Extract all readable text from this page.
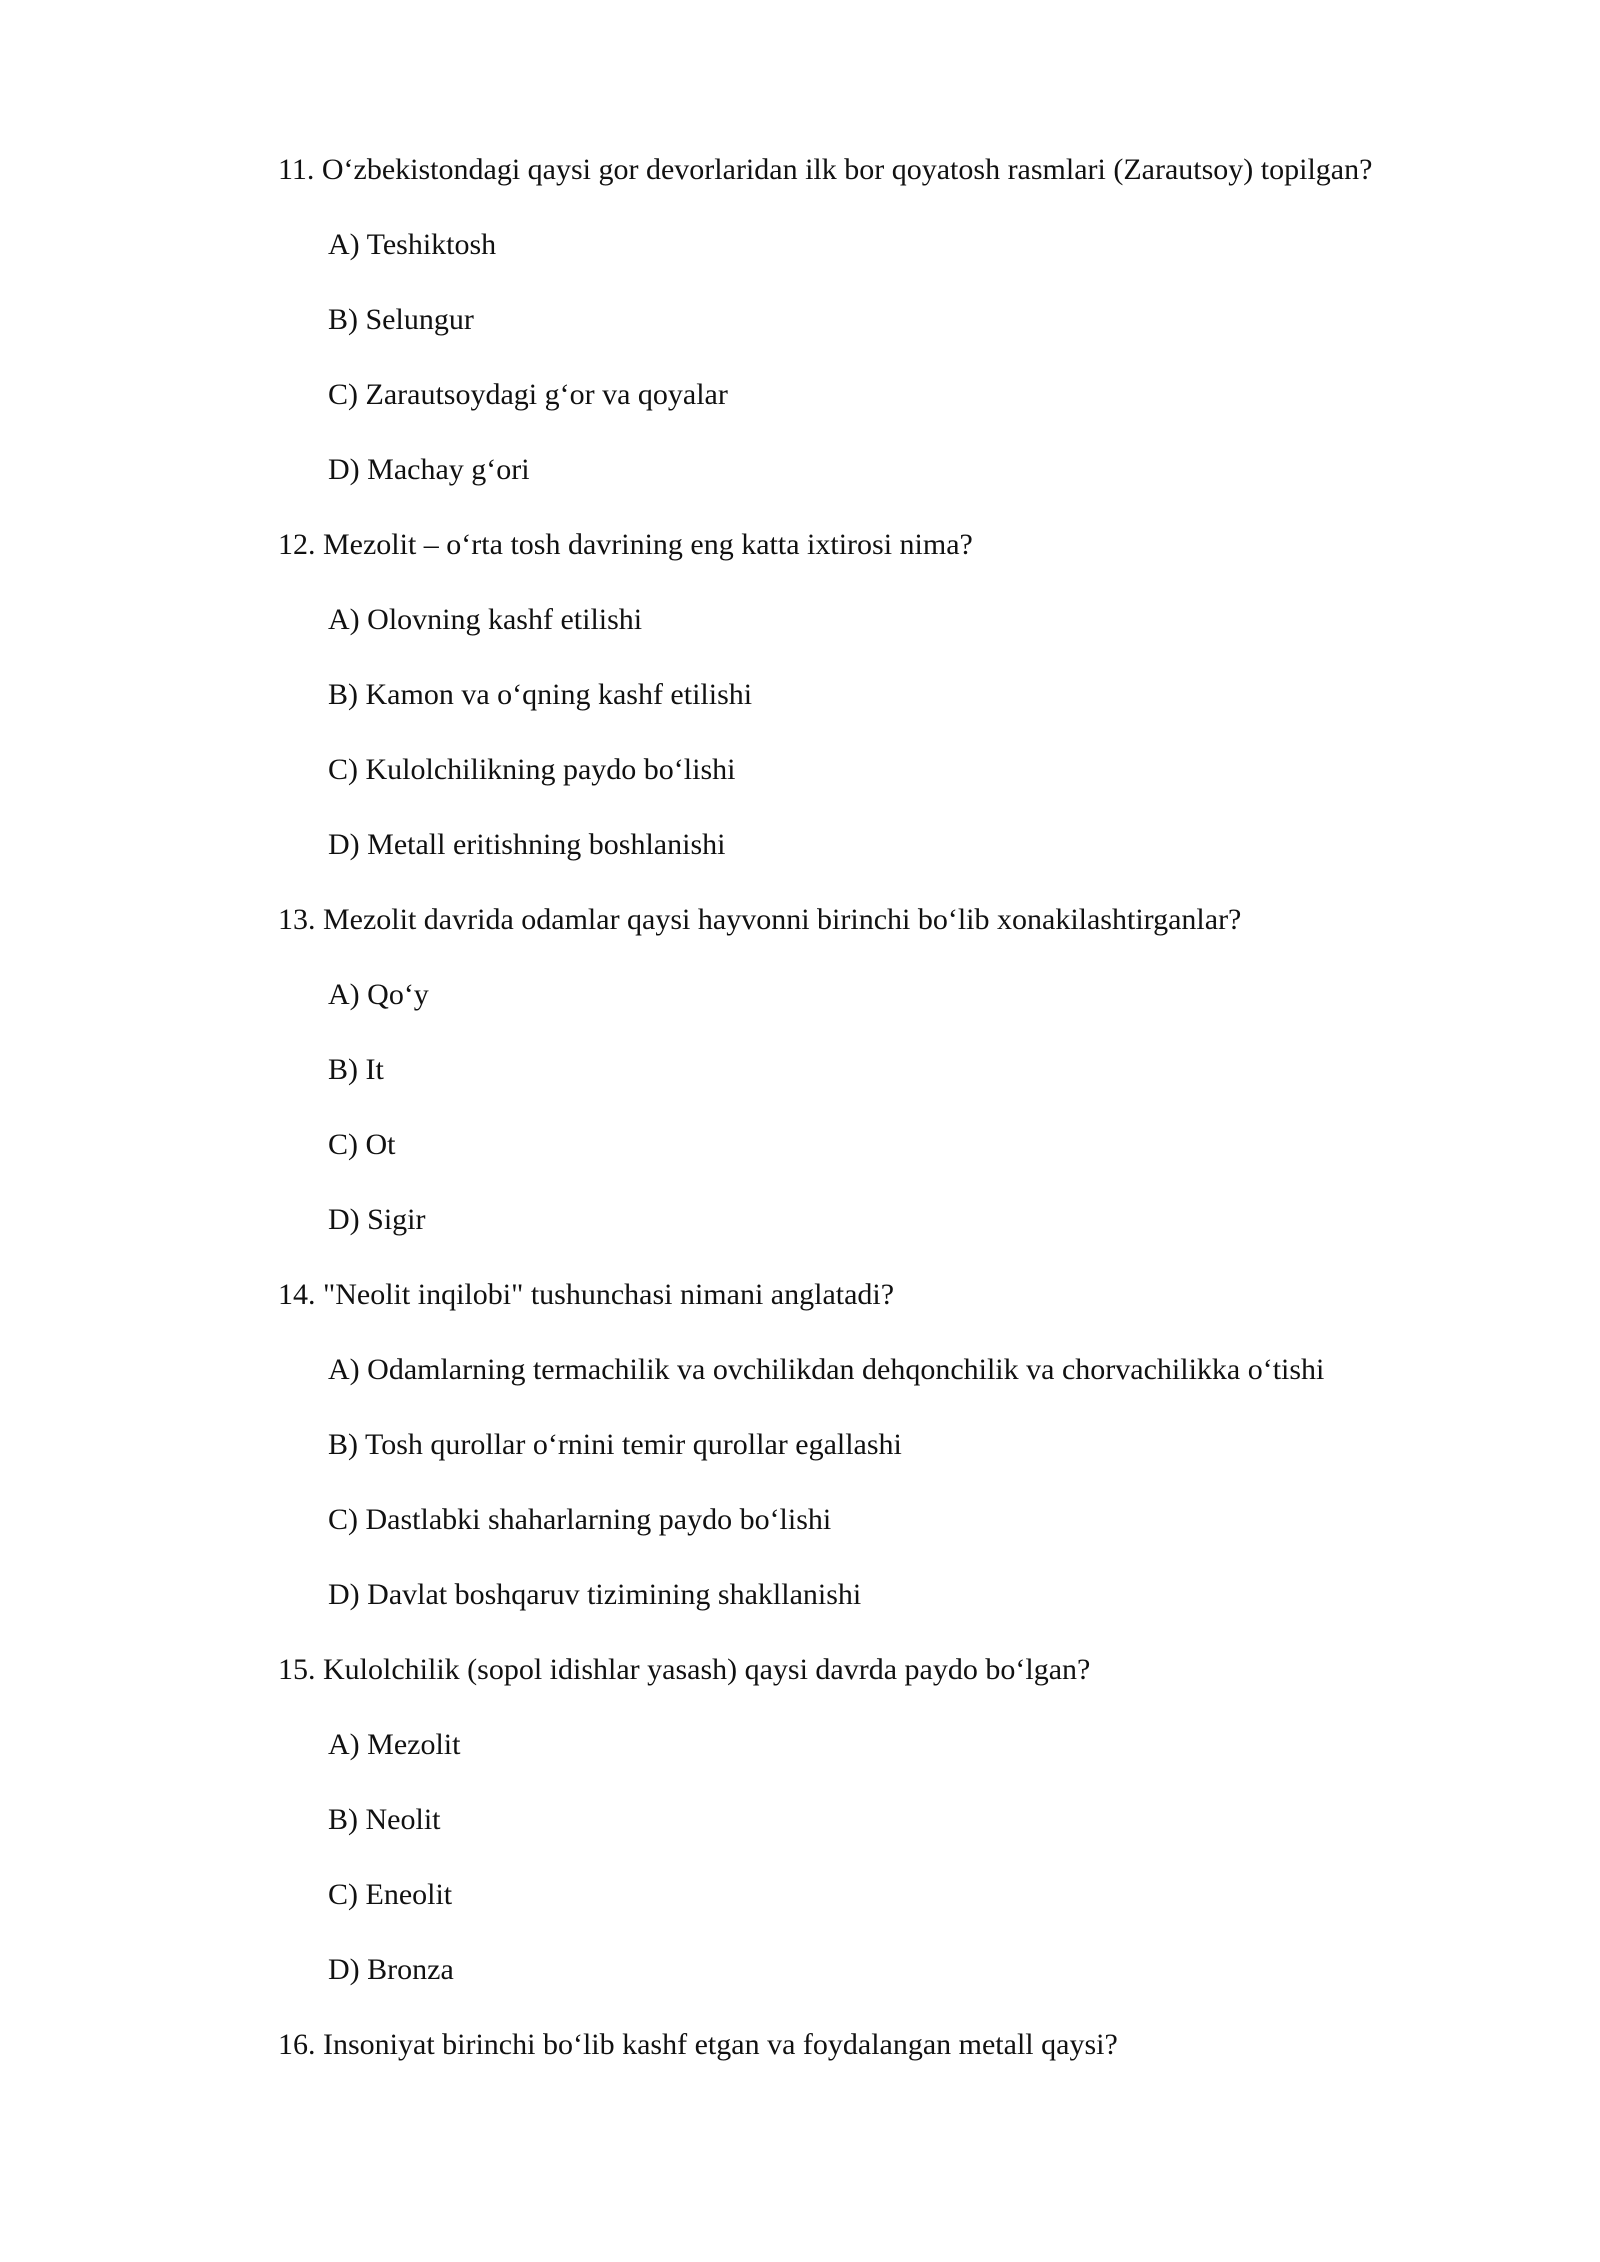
11. O‘zbekistondagi qaysi gor devorlaridan ilk bor qoyatosh rasmlari (Zarautsoy) topilgan?
A) Teshiktosh
B) Selungur
C) Zarautsoydagi g‘or va qoyalar
D) Machay g‘ori
12. Mezolit – o‘rta tosh davrining eng katta ixtirosi nima?
A) Olovning kashf etilishi
B) Kamon va o‘qning kashf etilishi
C) Kulolchilikning paydo bo‘lishi
D) Metall eritishning boshlanishi
13. Mezolit davrida odamlar qaysi hayvonni birinchi bo‘lib xonakilashtirganlar?
A) Qo‘y
B) It
C) Ot
D) Sigir
14. "Neolit inqilobi" tushunchasi nimani anglatadi?
A) Odamlarning termachilik va ovchilikdan dehqonchilik va chorvachilikka o‘tishi
B) Tosh qurollar o‘rnini temir qurollar egallashi
C) Dastlabki shaharlarning paydo bo‘lishi
D) Davlat boshqaruv tizimining shakllanishi
15. Kulolchilik (sopol idishlar yasash) qaysi davrda paydo bo‘lgan?
A) Mezolit
B) Neolit
C) Eneolit
D) Bronza
16. Insoniyat birinchi bo‘lib kashf etgan va foydalangan metall qaysi?
